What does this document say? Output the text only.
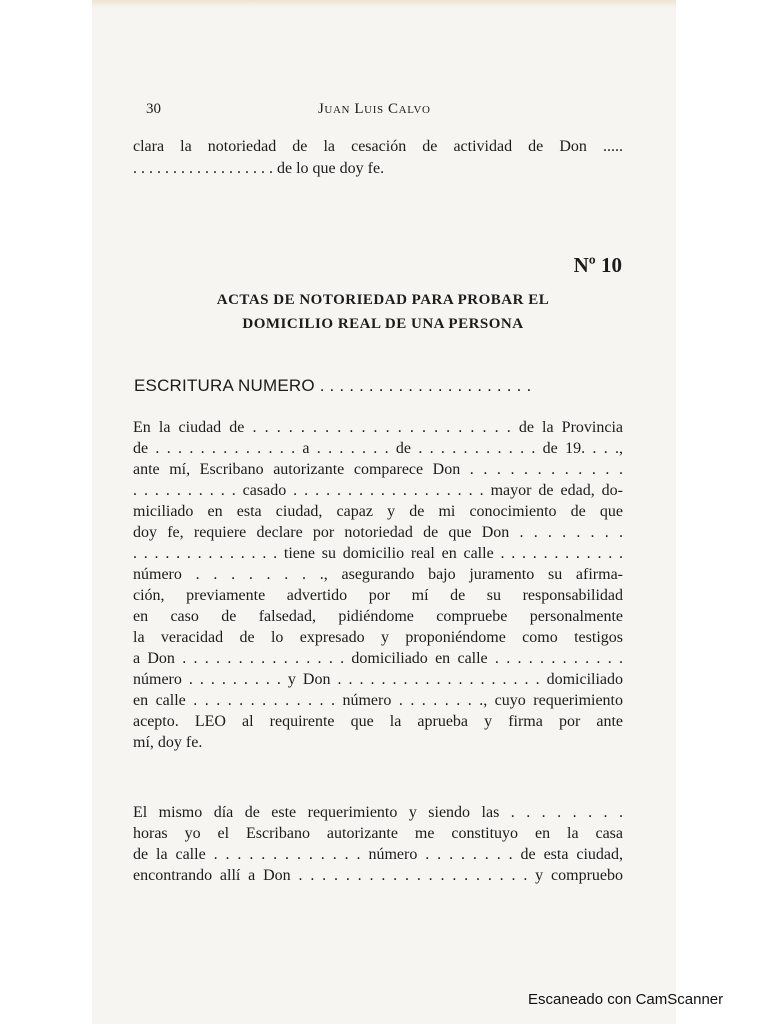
30	Juan Luis Calvo
clara la notoriedad de la cesación de actividad de Don .....
. . . . . . . . . . . . . . . . . . de lo que doy fe.
Nº 10
ACTAS DE NOTORIEDAD PARA PROBAR EL
DOMICILIO REAL DE UNA PERSONA
ESCRITURA NUMERO . . . . . . . . . . . . . . . . . . . . . .
En la ciudad de . . . . . . . . . . . . . . . . . . . . . . de la Provincia
de . . . . . . . . . . . . . a . . . . . . . de . . . . . . . . . . . de 19. . . .,
ante mí, Escribano autorizante comparece Don . . . . . . . . . . . .
. . . . . . . . . . casado . . . . . . . . . . . . . . . . . . mayor de edad, do-
miciliado en esta ciudad, capaz y de mi conocimiento de que
doy fe, requiere declare por notoriedad de que Don . . . . . . . .
. . . . . . . . . . . . . . tiene su domicilio real en calle . . . . . . . . . . . .
número . . . . . . . ., asegurando bajo juramento su afirma-
ción, previamente advertido por mí de su responsabilidad
en caso de falsedad, pidiéndome compruebe personalmente
la veracidad de lo expresado y proponiéndome como testigos
a Don . . . . . . . . . . . . . . . domiciliado en calle . . . . . . . . . . . .
número . . . . . . . . . y Don . . . . . . . . . . . . . . . . . . . domiciliado
en calle . . . . . . . . . . . . . número . . . . . . . ., cuyo requerimiento
acepto. LEO al requirente que la aprueba y firma por ante
mí, doy fe.
El mismo día de este requerimiento y siendo las . . . . . . . .
horas yo el Escribano autorizante me constituyo en la casa
de la calle . . . . . . . . . . . . . número . . . . . . . . de esta ciudad,
encontrando allí a Don . . . . . . . . . . . . . . . . . . . . y compruebo
Escaneado con CamScanner
